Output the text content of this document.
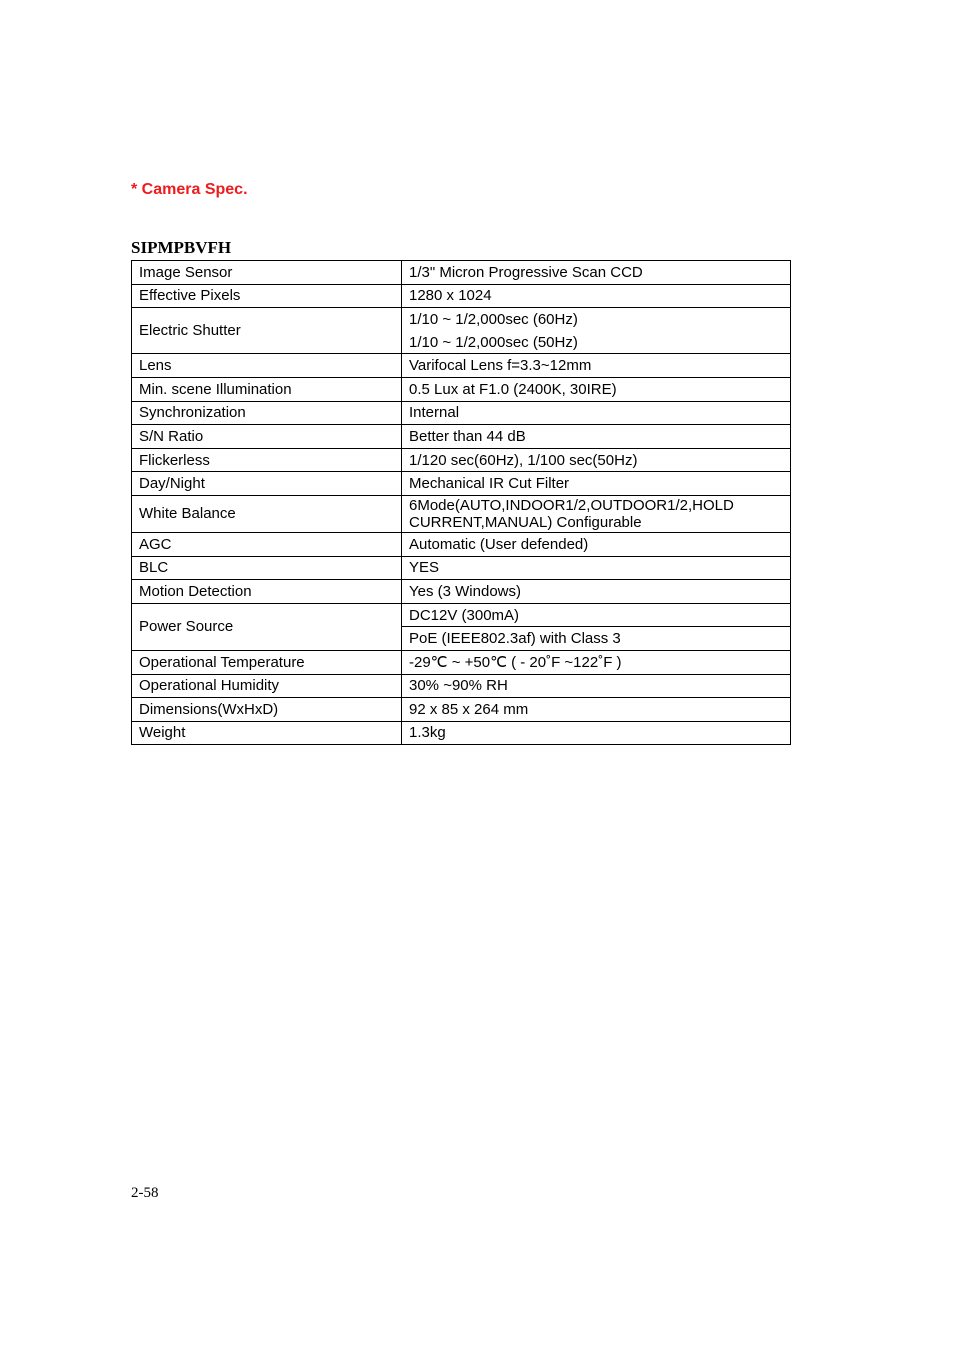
* Camera Spec.
SIPMPBVFH
Image Sensor	1/3" Micron Progressive Scan CCD
Effective Pixels	1280 x 1024
Electric Shutter	1/10 ~ 1/2,000sec (60Hz)
	1/10 ~ 1/2,000sec (50Hz)
Lens	Varifocal Lens f=3.3~12mm
Min. scene Illumination	0.5 Lux at F1.0 (2400K, 30IRE)
Synchronization	Internal
S/N Ratio	Better than 44 dB
Flickerless	1/120 sec(60Hz), 1/100 sec(50Hz)
Day/Night	Mechanical IR Cut Filter
White Balance	6Mode(AUTO,INDOOR1/2,OUTDOOR1/2,HOLD CURRENT,MANUAL) Configurable
AGC	Automatic (User defended)
BLC	YES
Motion Detection	Yes (3 Windows)
Power Source	DC12V (300mA)
	PoE (IEEE802.3af) with Class 3
Operational Temperature	-29℃ ~ +50℃ ( - 20˚F ~122˚F )
Operational Humidity	30% ~90% RH
Dimensions(WxHxD)	92 x 85 x 264 mm
Weight	1.3kg
2-58
